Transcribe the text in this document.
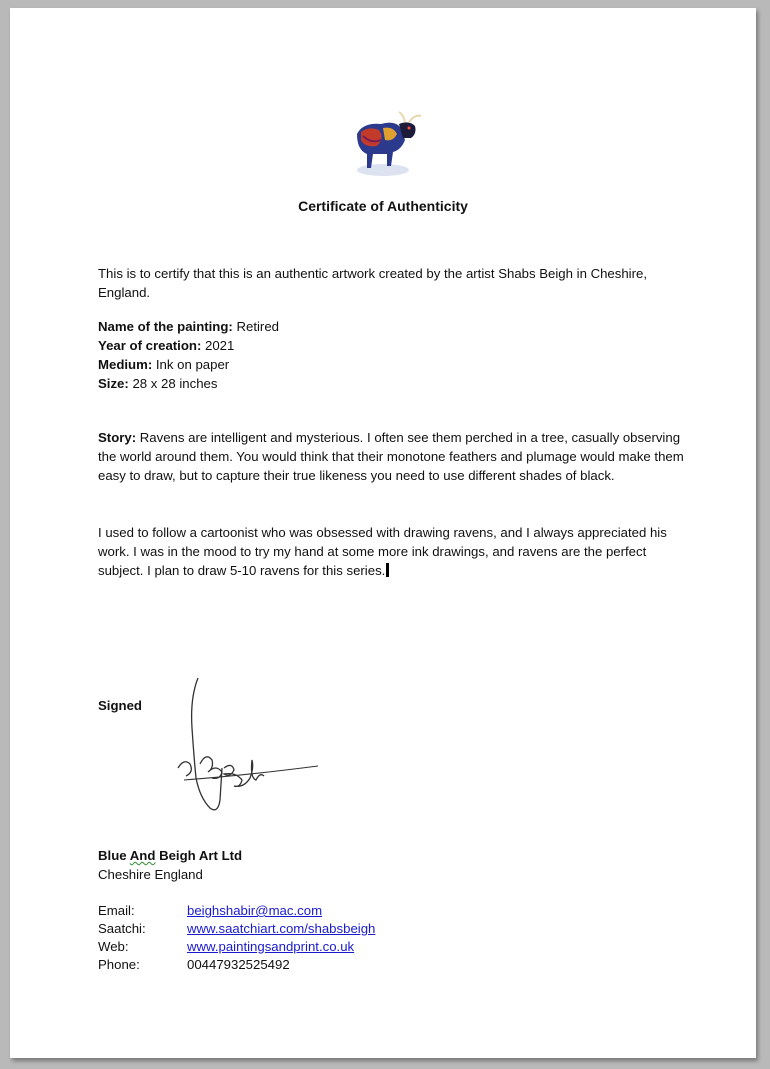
Certificate of Authenticity
This is to certify that this is an authentic artwork created by the artist Shabs Beigh in Cheshire, England.
Name of the painting: Retired
Year of creation: 2021
Medium: Ink on paper
Size: 28 x 28 inches
Story: Ravens are intelligent and mysterious. I often see them perched in a tree, casually observing the world around them. You would think that their monotone feathers and plumage would make them easy to draw, but to capture their true likeness you need to use different shades of black.
I used to follow a cartoonist who was obsessed with drawing ravens, and I always appreciated his work. I was in the mood to try my hand at some more ink drawings, and ravens are the perfect subject. I plan to draw 5-10 ravens for this series.
Signed
Blue And Beigh Art Ltd
Cheshire England
Email:	beighshabir@mac.com
Saatchi:	www.saatchiart.com/shabsbeigh
Web:	www.paintingsandprint.co.uk
Phone:	00447932525492
